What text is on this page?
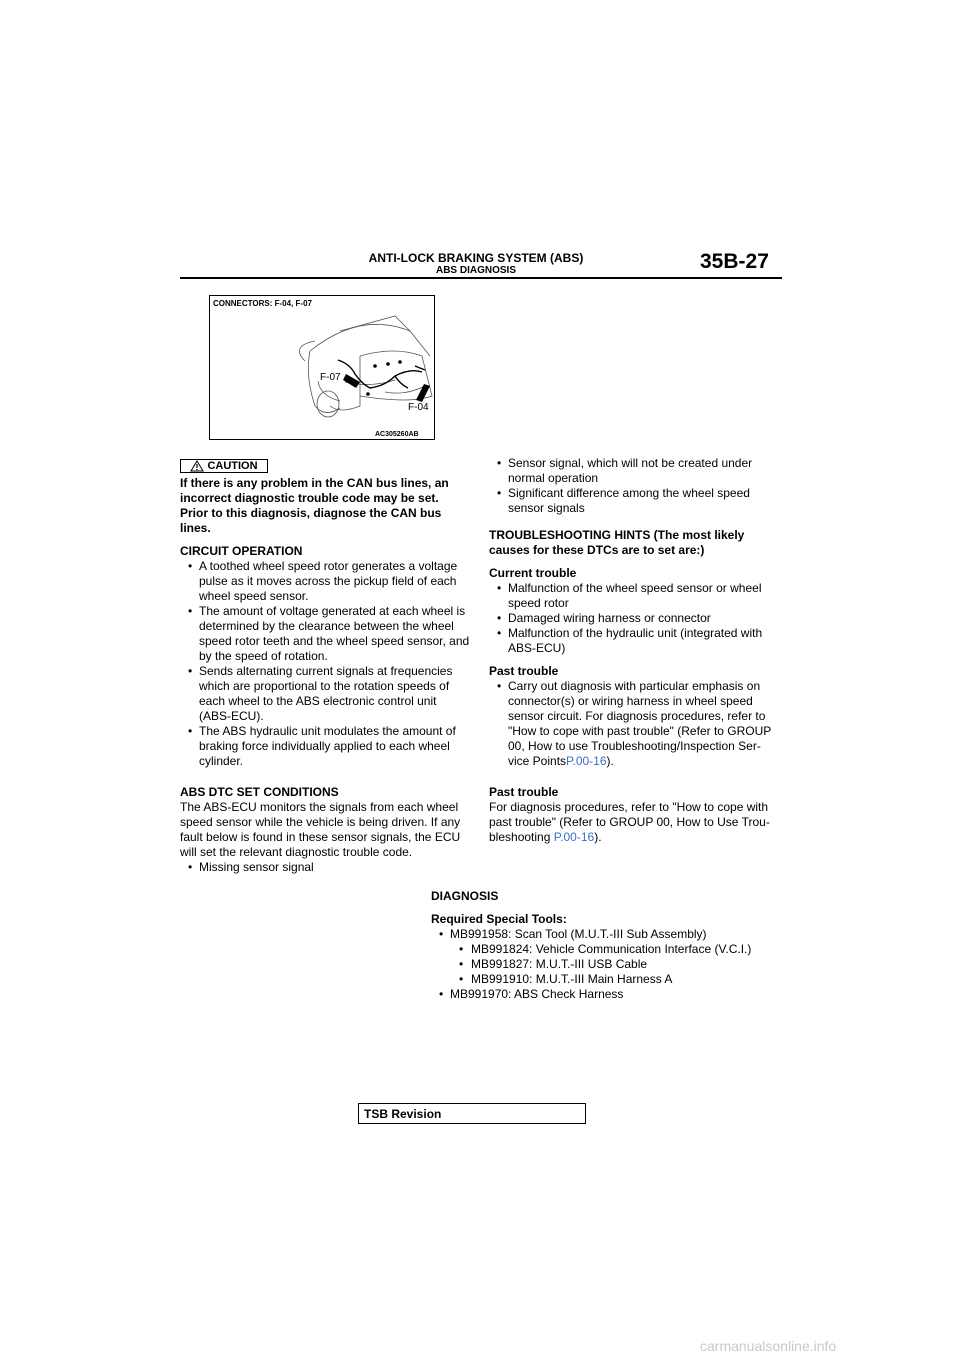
ANTI-LOCK BRAKING SYSTEM (ABS)
ABS DIAGNOSIS	35B-27
CONNECTORS: F-04, F-07
F-07
F-04
AC305260AB
CAUTION

If there is any problem in the CAN bus lines, an incorrect diagnostic trouble code may be set. Prior to this diagnosis, diagnose the CAN bus lines.

CIRCUIT OPERATION

• A toothed wheel speed rotor generates a voltage pulse as it moves across the pickup field of each wheel speed sensor.
• The amount of voltage generated at each wheel is determined by the clearance between the wheel speed rotor teeth and the wheel speed sensor, and by the speed of rotation.
• Sends alternating current signals at frequencies which are proportional to the rotation speeds of each wheel to the ABS electronic control unit (ABS-ECU).
• The ABS hydraulic unit modulates the amount of braking force individually applied to each wheel cylinder.

ABS DTC SET CONDITIONS

The ABS-ECU monitors the signals from each wheel speed sensor while the vehicle is being driven. If any fault below is found in these sensor signals, the ECU will set the relevant diagnostic trouble code.

• Missing sensor signal
• Sensor signal, which will not be created under normal operation
• Significant difference among the wheel speed sensor signals

TROUBLESHOOTING HINTS (The most likely causes for these DTCs are to set are:)

Current trouble

• Malfunction of the wheel speed sensor or wheel speed rotor
• Damaged wiring harness or connector
• Malfunction of the hydraulic unit (integrated with ABS-ECU)

Past trouble

• Carry out diagnosis with particular emphasis on connector(s) or wiring harness in wheel speed sensor circuit. For diagnosis procedures, refer to "How to cope with past trouble" (Refer to GROUP 00, How to use Troubleshooting/Inspection Ser-vice PointsP.00-16).

Past trouble

For diagnosis procedures, refer to "How to cope with past trouble" (Refer to GROUP 00, How to Use Trou-bleshooting P.00-16).

DIAGNOSIS

Required Special Tools:

• MB991958: Scan Tool (M.U.T.-III Sub Assembly)
• MB991824: Vehicle Communication Interface (V.C.I.)
• MB991827: M.U.T.-III USB Cable
• MB991910: M.U.T.-III Main Harness A
• MB991970: ABS Check Harness
TSB Revision
carmanualsonline.info
